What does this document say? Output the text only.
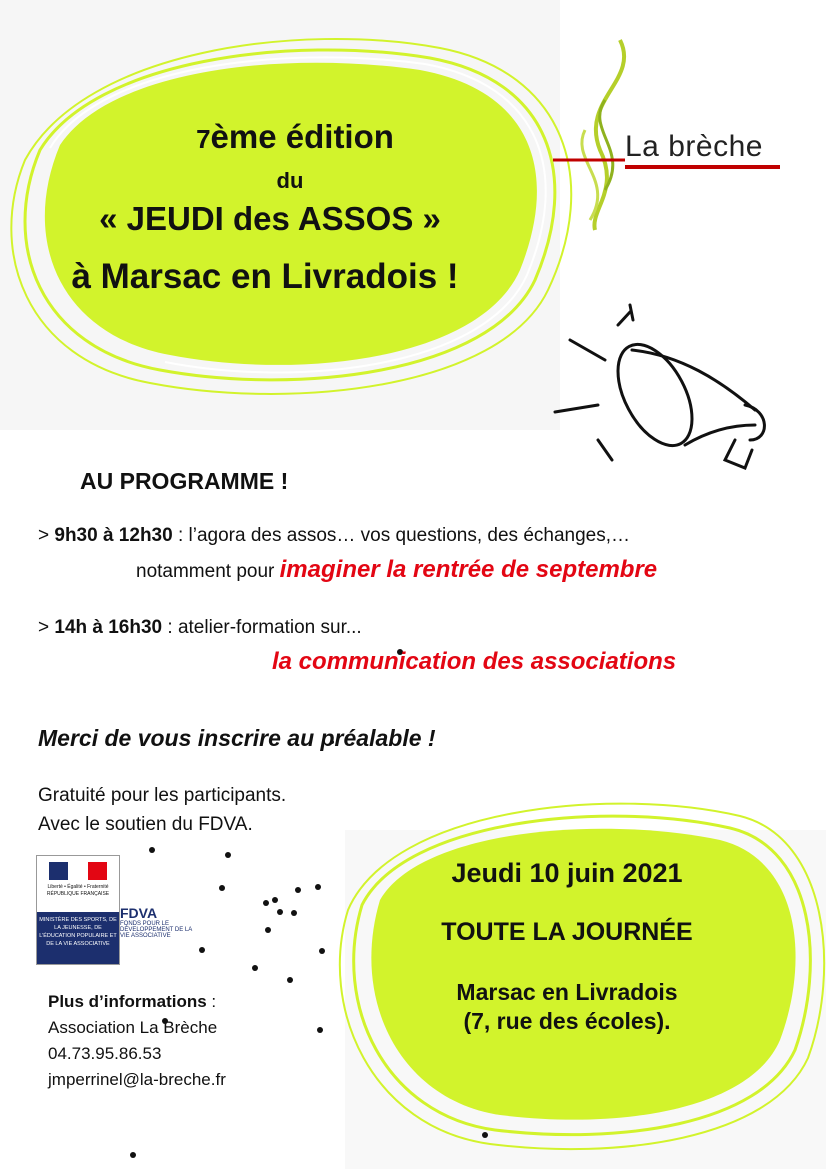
7ème édition
du
« JEUDI des ASSOS »
à Marsac en Livradois !
La brèche
AU PROGRAMME !
> 9h30 à 12h30 : l’agora des assos… vos questions, des échanges,…
notamment pour imaginer la rentrée de septembre
> 14h à 16h30 : atelier-formation sur...
la communication des associations
Merci de vous inscrire au préalable !
Gratuité pour les participants.
Avec le soutien du FDVA.
Liberté • Égalité • Fraternité
RÉPUBLIQUE FRANÇAISE
MINISTÈRE DES SPORTS, DE LA JEUNESSE, DE L’ÉDUCATION POPULAIRE ET DE LA VIE ASSOCIATIVE
FDVA
FONDS POUR LE DÉVELOPPEMENT DE LA VIE ASSOCIATIVE
Plus d’informations :
Association La Brèche
04.73.95.86.53
jmperrinel@la-breche.fr
Jeudi 10 juin 2021
TOUTE LA JOURNÉE
Marsac en Livradois
(7, rue des écoles).
